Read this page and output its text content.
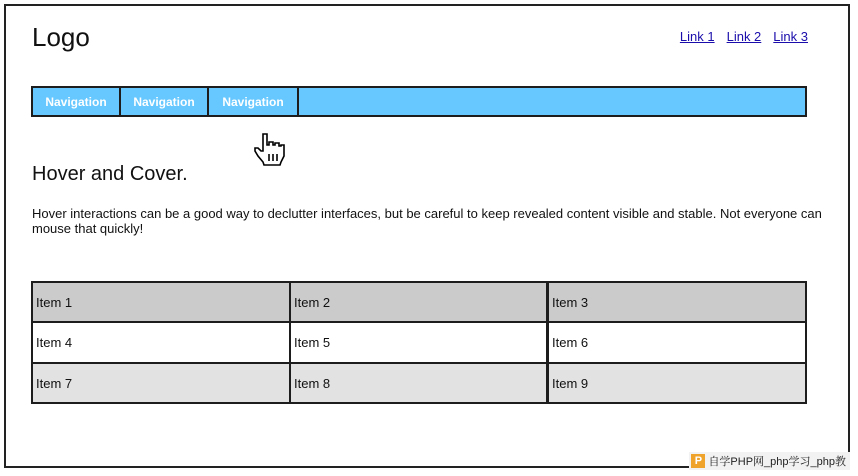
Logo	Link 1 Link 2 Link 3
Navigation	Navigation	Navigation
Hover and Cover.
Hover interactions can be a good way to declutter interfaces, but be careful to keep revealed content visible and stable. Not everyone can mouse that quickly!
Item 1	Item 2	Item 3
Item 4	Item 5	Item 6
Item 7	Item 8	Item 9
P 自学PHP网_php学习_php教
